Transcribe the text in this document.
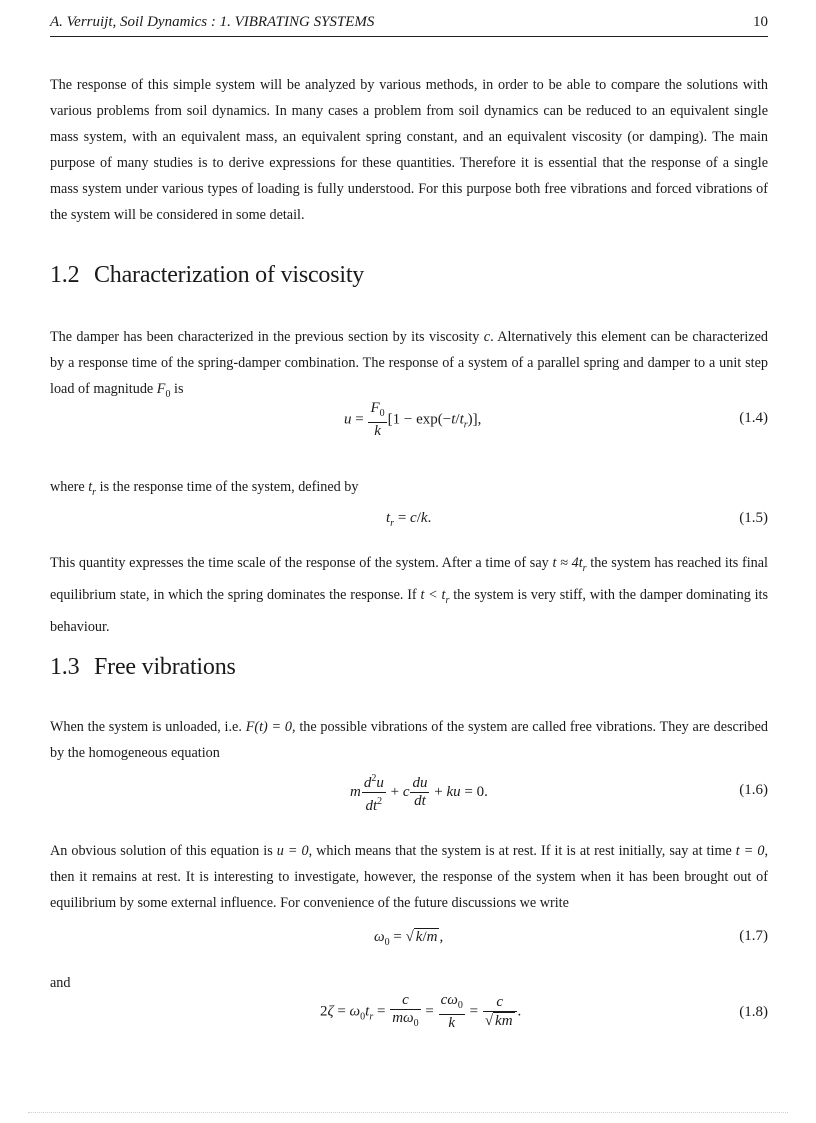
A. Verruijt, Soil Dynamics : 1. VIBRATING SYSTEMS	10

The response of this simple system will be analyzed by various methods, in order to be able to compare the solutions with various problems from soil dynamics. In many cases a problem from soil dynamics can be reduced to an equivalent single mass system, with an equivalent mass, an equivalent spring constant, and an equivalent viscosity (or damping). The main purpose of many studies is to derive expressions for these quantities. Therefore it is essential that the response of a single mass system under various types of loading is fully understood. For this purpose both free vibrations and forced vibrations of the system will be considered in some detail.

1.2 Characterization of viscosity

The damper has been characterized in the previous section by its viscosity c. Alternatively this element can be characterized by a response time of the spring-damper combination. The response of a system of a parallel spring and damper to a unit step load of magnitude $F_0$ is

$u = \frac{F_0}{k} [1 - \exp(-t/t_r)]$,	(1.4)

where $t_r$ is the response time of the system, defined by

$t_r = c/k$.	(1.5)

This quantity expresses the time scale of the response of the system. After a time of say $t \approx 4t_r$ the system has reached its final equilibrium state, in which the spring dominates the response. If $t < t_r$ the system is very stiff, with the damper dominating its behaviour.

1.3 Free vibrations

When the system is unloaded, i.e. F(t) = 0, the possible vibrations of the system are called free vibrations. They are described by the homogeneous equation

m $\frac{d^2u}{dt^2} + c \frac{du}{dt}$ + ku = 0.	(1.6)

An obvious solution of this equation is u = 0, which means that the system is at rest. If it is at rest initially, say at time t = 0, then it remains at rest. It is interesting to investigate, however, the response of the system when it has been brought out of equilibrium by some external influence. For convenience of the future discussions we write

$\omega_0$ = √ k/m ,	(1.7)

and

$2\zeta = \omega_0t_r = \frac{c}{m\omega_0} = \frac{c\omega_0}{k} = \frac{c}{√ km}$ .	(1.8)
